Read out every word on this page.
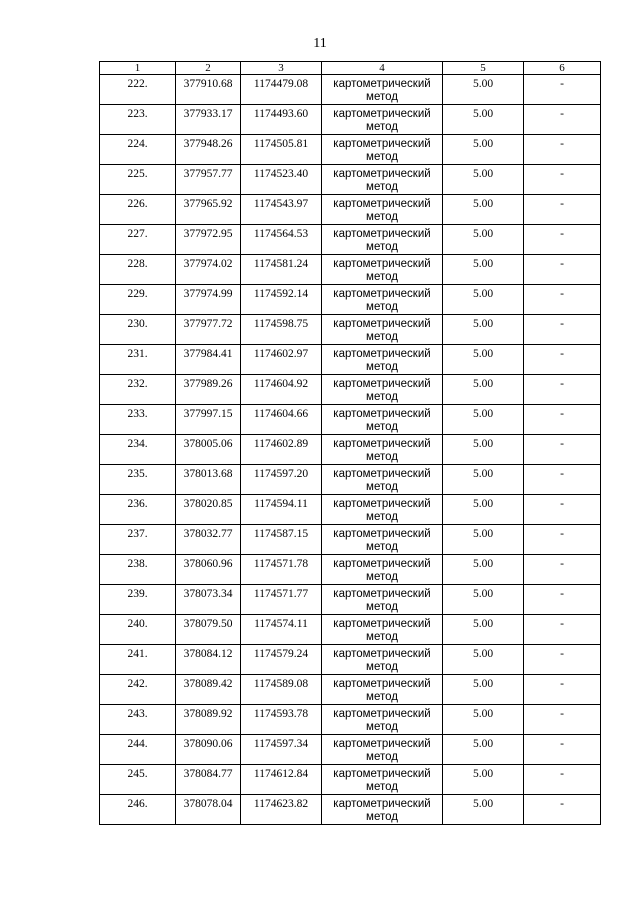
11
1	2	3	4	5	6
222.	377910.68	1174479.08	картометрический метод	5.00	-
223.	377933.17	1174493.60	картометрический метод	5.00	-
224.	377948.26	1174505.81	картометрический метод	5.00	-
225.	377957.77	1174523.40	картометрический метод	5.00	-
226.	377965.92	1174543.97	картометрический метод	5.00	-
227.	377972.95	1174564.53	картометрический метод	5.00	-
228.	377974.02	1174581.24	картометрический метод	5.00	-
229.	377974.99	1174592.14	картометрический метод	5.00	-
230.	377977.72	1174598.75	картометрический метод	5.00	-
231.	377984.41	1174602.97	картометрический метод	5.00	-
232.	377989.26	1174604.92	картометрический метод	5.00	-
233.	377997.15	1174604.66	картометрический метод	5.00	-
234.	378005.06	1174602.89	картометрический метод	5.00	-
235.	378013.68	1174597.20	картометрический метод	5.00	-
236.	378020.85	1174594.11	картометрический метод	5.00	-
237.	378032.77	1174587.15	картометрический метод	5.00	-
238.	378060.96	1174571.78	картометрический метод	5.00	-
239.	378073.34	1174571.77	картометрический метод	5.00	-
240.	378079.50	1174574.11	картометрический метод	5.00	-
241.	378084.12	1174579.24	картометрический метод	5.00	-
242.	378089.42	1174589.08	картометрический метод	5.00	-
243.	378089.92	1174593.78	картометрический метод	5.00	-
244.	378090.06	1174597.34	картометрический метод	5.00	-
245.	378084.77	1174612.84	картометрический метод	5.00	-
246.	378078.04	1174623.82	картометрический метод	5.00	-
